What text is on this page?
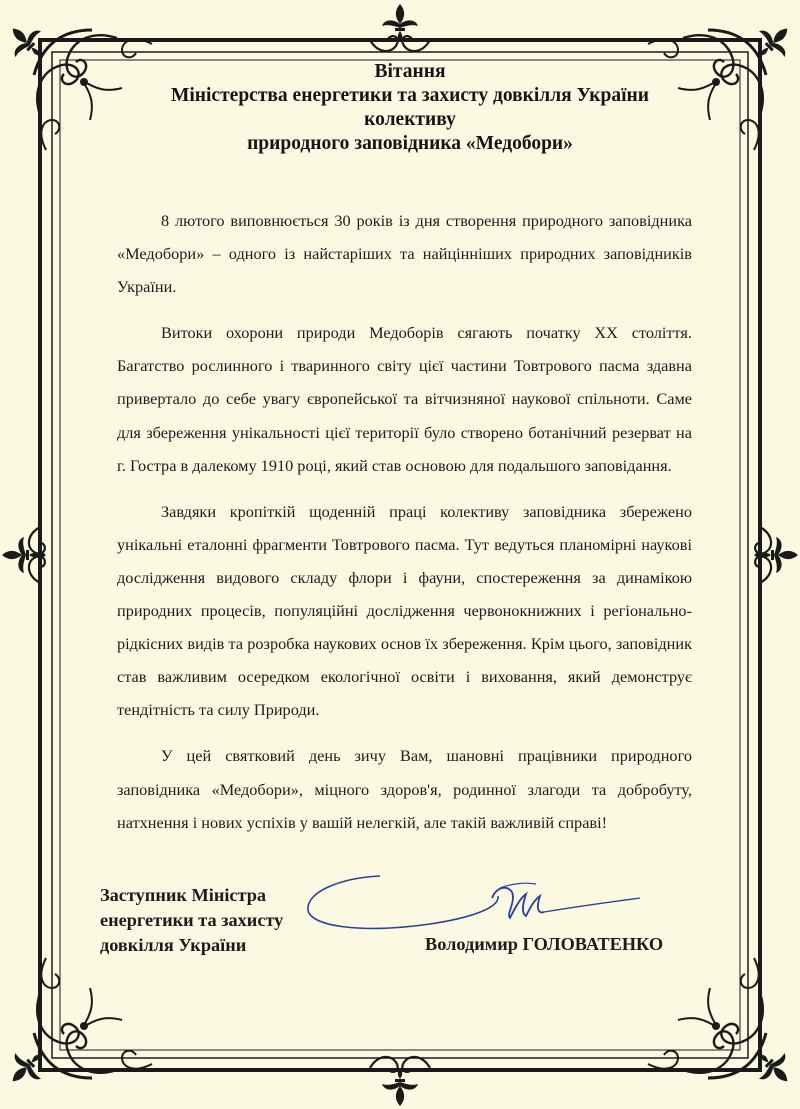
Вітання
Міністерства енергетики та захисту довкілля України
колективу
природного заповідника «Медобори»

8 лютого виповнюється 30 років із дня створення природного заповідника «Медобори» – одного із найстаріших та найцінніших природних заповідників України.

Витоки охорони природи Медоборів сягають початку XX століття. Багатство рослинного і тваринного світу цієї частини Товтрового пасма здавна привертало до себе увагу європейської та вітчизняної наукової спільноти. Саме для збереження унікальності цієї території було створено ботанічний резерват на г. Гостра в далекому 1910 році, який став основою для подальшого заповідання.

Завдяки кропіткій щоденній праці колективу заповідника збережено унікальні еталонні фрагменти Товтрового пасма. Тут ведуться планомірні наукові дослідження видового складу флори і фауни, спостереження за динамікою природних процесів, популяційні дослідження червонокнижних і регіонально-рідкісних видів та розробка наукових основ їх збереження. Крім цього, заповідник став важливим осередком екологічної освіти і виховання, який демонструє тендітність та силу Природи.

У цей святковий день зичу Вам, шановні працівники природного заповідника «Медобори», міцного здоров'я, родинної злагоди та добробуту, натхнення і нових успіхів у вашій нелегкій, але такій важливій справі!

Заступник Міністра
енергетики та захисту
довкілля України	Володимир ГОЛОВАТЕНКО
